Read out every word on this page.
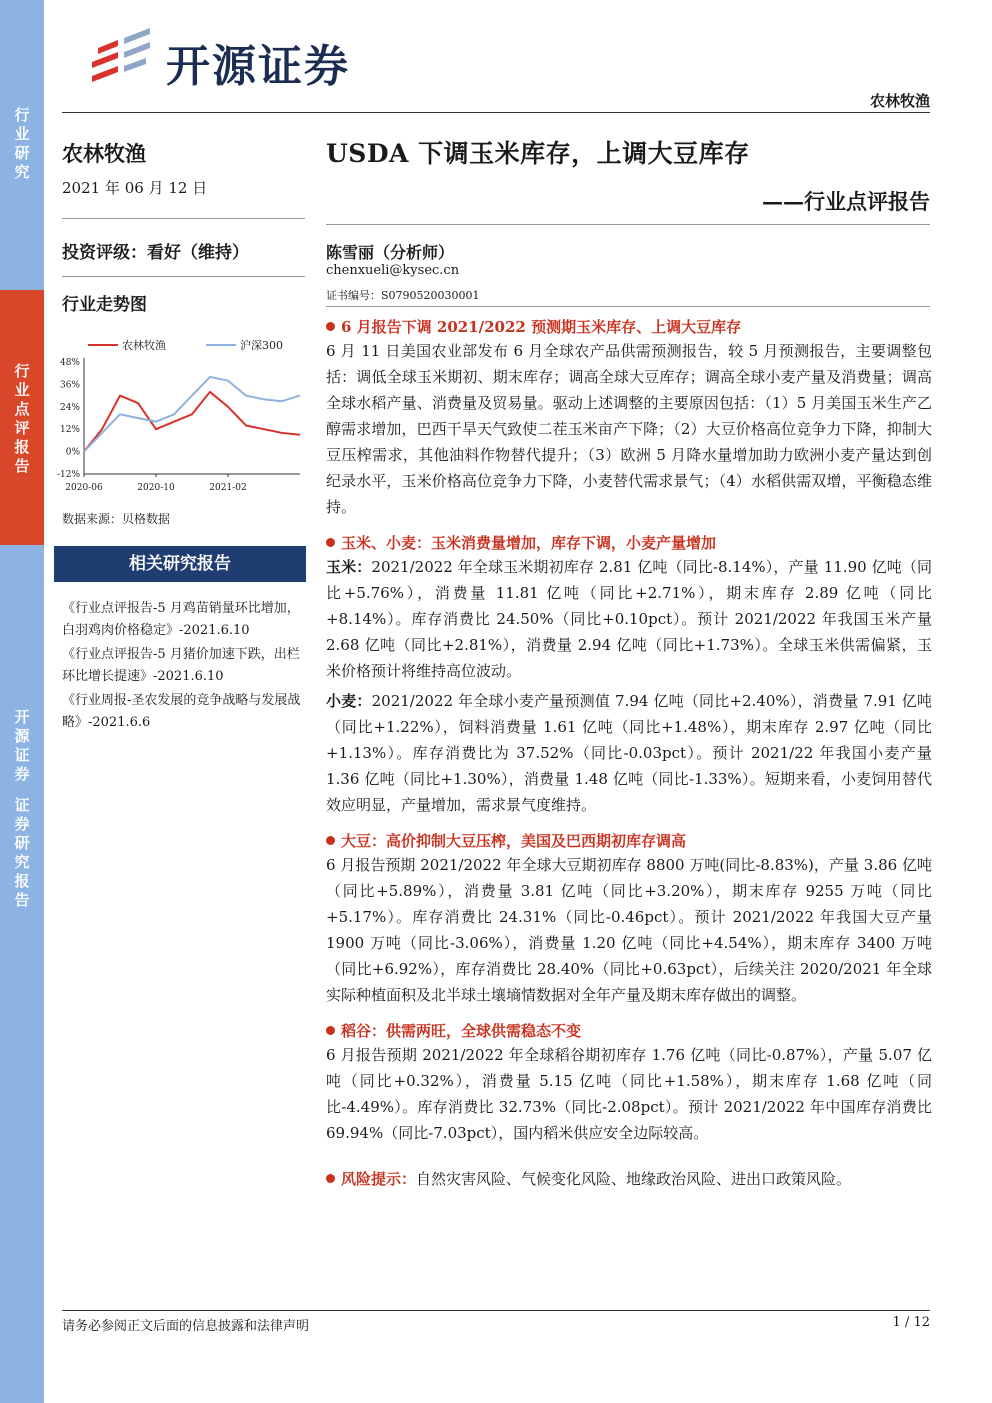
行
业
研
究
行
业
点
评
报
告
开
源
证
券
证
券
研
究
报
告
开源证券
农林牧渔
农林牧渔
2021 年 06 月 12 日
投资评级：看好（维持）
行业走势图
48%
36%
24%
12%
0%
-12%
2020-06	2020-10	2021-02
农林牧渔	沪深300
数据来源：贝格数据
相关研究报告
《行业点评报告-5 月鸡苗销量环比增加，白羽鸡肉价格稳定》-2021.6.10
《行业点评报告-5 月猪价加速下跌，出栏环比增长提速》-2021.6.10
《行业周报-圣农发展的竞争战略与发展战略》-2021.6.6
USDA 下调玉米库存，上调大豆库存
——行业点评报告
陈雪丽（分析师）
chenxueli@kysec.cn
证书编号：S0790520030001
6 月报告下调 2021/2022 预测期玉米库存、上调大豆库存
6 月 11 日美国农业部发布 6 月全球农产品供需预测报告，较 5 月预测报告，主要调整包括：调低全球玉米期初、期末库存；调高全球大豆库存；调高全球小麦产量及消费量；调高全球水稻产量、消费量及贸易量。驱动上述调整的主要原因包括：（1）5 月美国玉米生产乙醇需求增加，巴西干旱天气致使二茬玉米亩产下降；（2）大豆价格高位竞争力下降，抑制大豆压榨需求，其他油料作物替代提升；（3）欧洲 5 月降水量增加助力欧洲小麦产量达到创纪录水平，玉米价格高位竞争力下降，小麦替代需求景气；（4）水稻供需双增，平衡稳态维持。
玉米、小麦：玉米消费量增加，库存下调，小麦产量增加
玉米：2021/2022 年全球玉米期初库存 2.81 亿吨（同比-8.14%），产量 11.90 亿吨（同比+5.76%），消费量 11.81 亿吨（同比+2.71%），期末库存 2.89 亿吨（同比+8.14%）。库存消费比 24.50%（同比+0.10pct）。预计 2021/2022 年我国玉米产量 2.68 亿吨（同比+2.81%），消费量 2.94 亿吨（同比+1.73%）。全球玉米供需偏紧，玉米价格预计将维持高位波动。
小麦：2021/2022 年全球小麦产量预测值 7.94 亿吨（同比+2.40%），消费量 7.91 亿吨（同比+1.22%），饲料消费量 1.61 亿吨（同比+1.48%），期末库存 2.97 亿吨（同比+1.13%）。库存消费比为 37.52%（同比-0.03pct）。预计 2021/22 年我国小麦产量 1.36 亿吨（同比+1.30%），消费量 1.48 亿吨（同比-1.33%）。短期来看，小麦饲用替代效应明显，产量增加，需求景气度维持。
大豆：高价抑制大豆压榨，美国及巴西期初库存调高
6 月报告预期 2021/2022 年全球大豆期初库存 8800 万吨(同比-8.83%)，产量 3.86 亿吨（同比+5.89%），消费量 3.81 亿吨（同比+3.20%），期末库存 9255 万吨（同比+5.17%）。库存消费比 24.31%（同比-0.46pct）。预计 2021/2022 年我国大豆产量 1900 万吨（同比-3.06%），消费量 1.20 亿吨（同比+4.54%），期末库存 3400 万吨（同比+6.92%），库存消费比 28.40%（同比+0.63pct），后续关注 2020/2021 年全球实际种植面积及北半球土壤墒情数据对全年产量及期末库存做出的调整。
稻谷：供需两旺，全球供需稳态不变
6 月报告预期 2021/2022 年全球稻谷期初库存 1.76 亿吨（同比-0.87%），产量 5.07 亿吨（同比+0.32%），消费量 5.15 亿吨（同比+1.58%），期末库存 1.68 亿吨（同比-4.49%）。库存消费比 32.73%（同比-2.08pct）。预计 2021/2022 年中国库存消费比 69.94%（同比-7.03pct），国内稻米供应安全边际较高。
风险提示：自然灾害风险、气候变化风险、地缘政治风险、进出口政策风险。
请务必参阅正文后面的信息披露和法律声明	1 / 12
